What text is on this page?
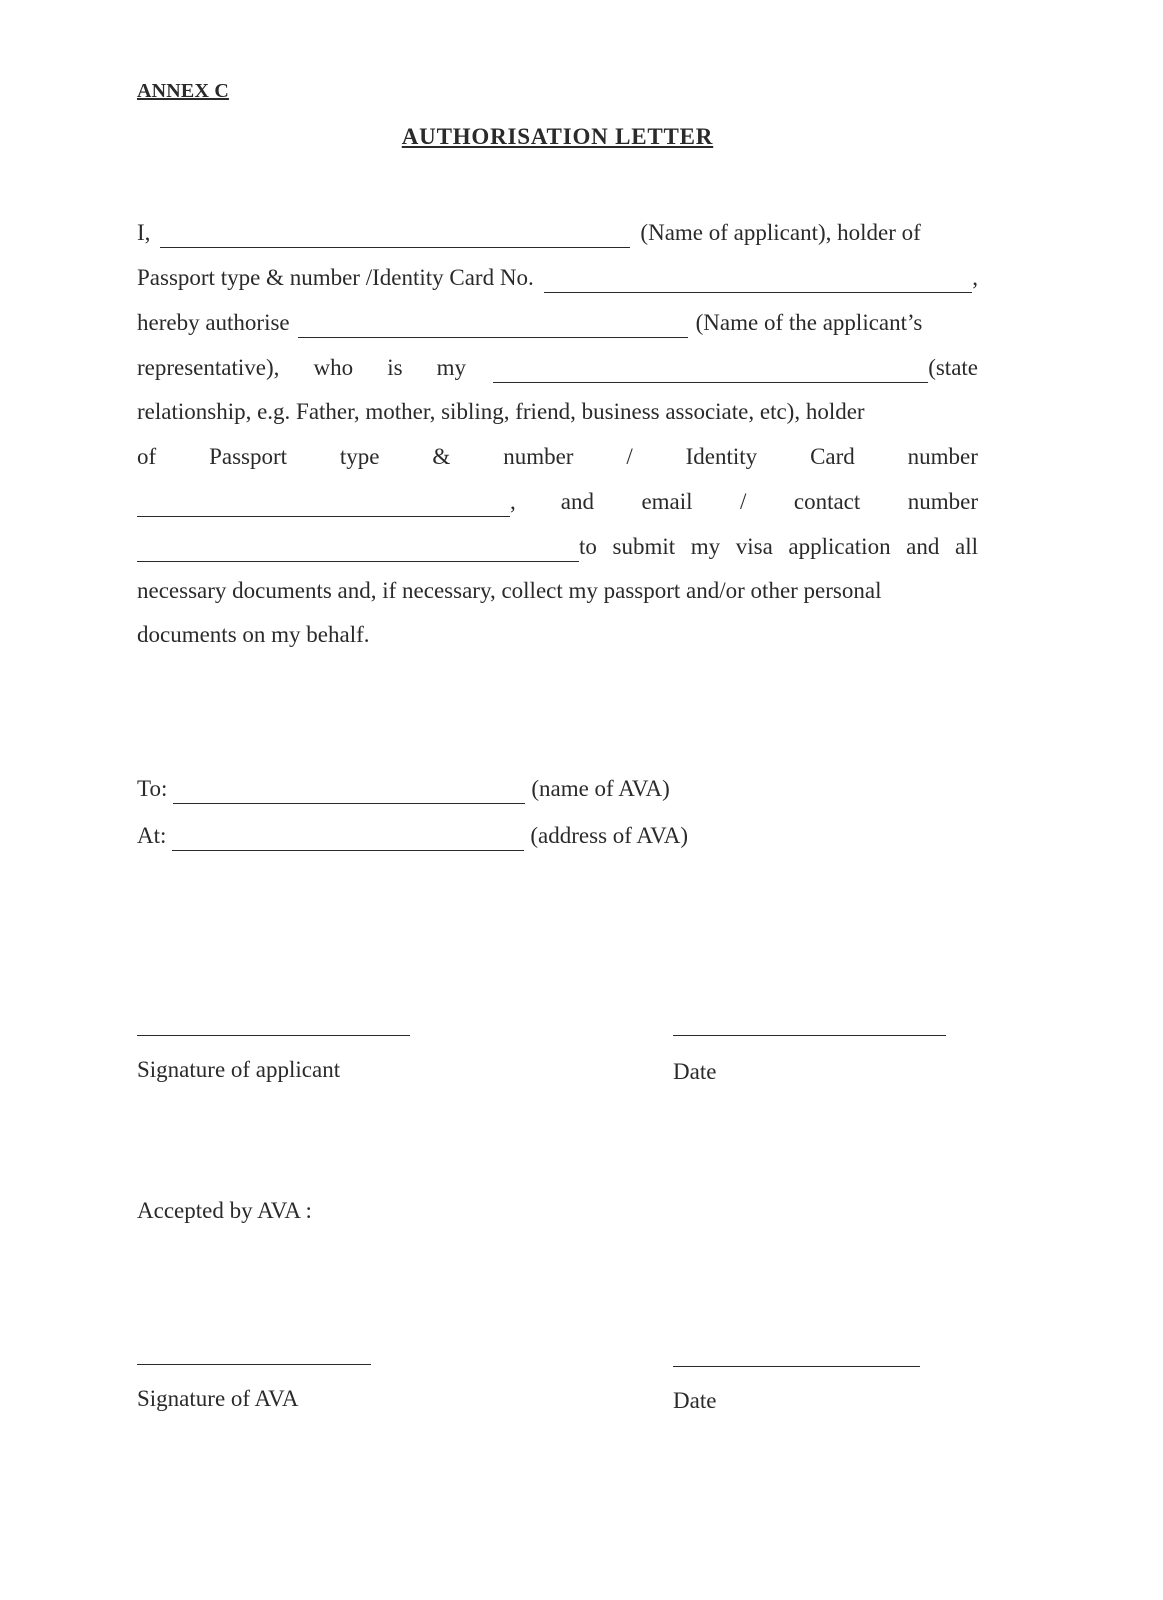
ANNEX C
AUTHORISATION LETTER
I,	(Name of applicant), holder of
Passport type & number /Identity Card No.	,
hereby authorise	(Name of the applicant’s
representative), who is my	(state
relationship, e.g. Father, mother, sibling, friend, business associate, etc), holder
of Passport type & number / Identity Card number
, and email / contact number
to submit my visa application and all
necessary documents and, if necessary, collect my passport and/or other personal
documents on my behalf.
To:	(name of AVA)
At:	(address of AVA)
Signature of applicant	Date
Accepted by AVA :
Signature of AVA	Date
